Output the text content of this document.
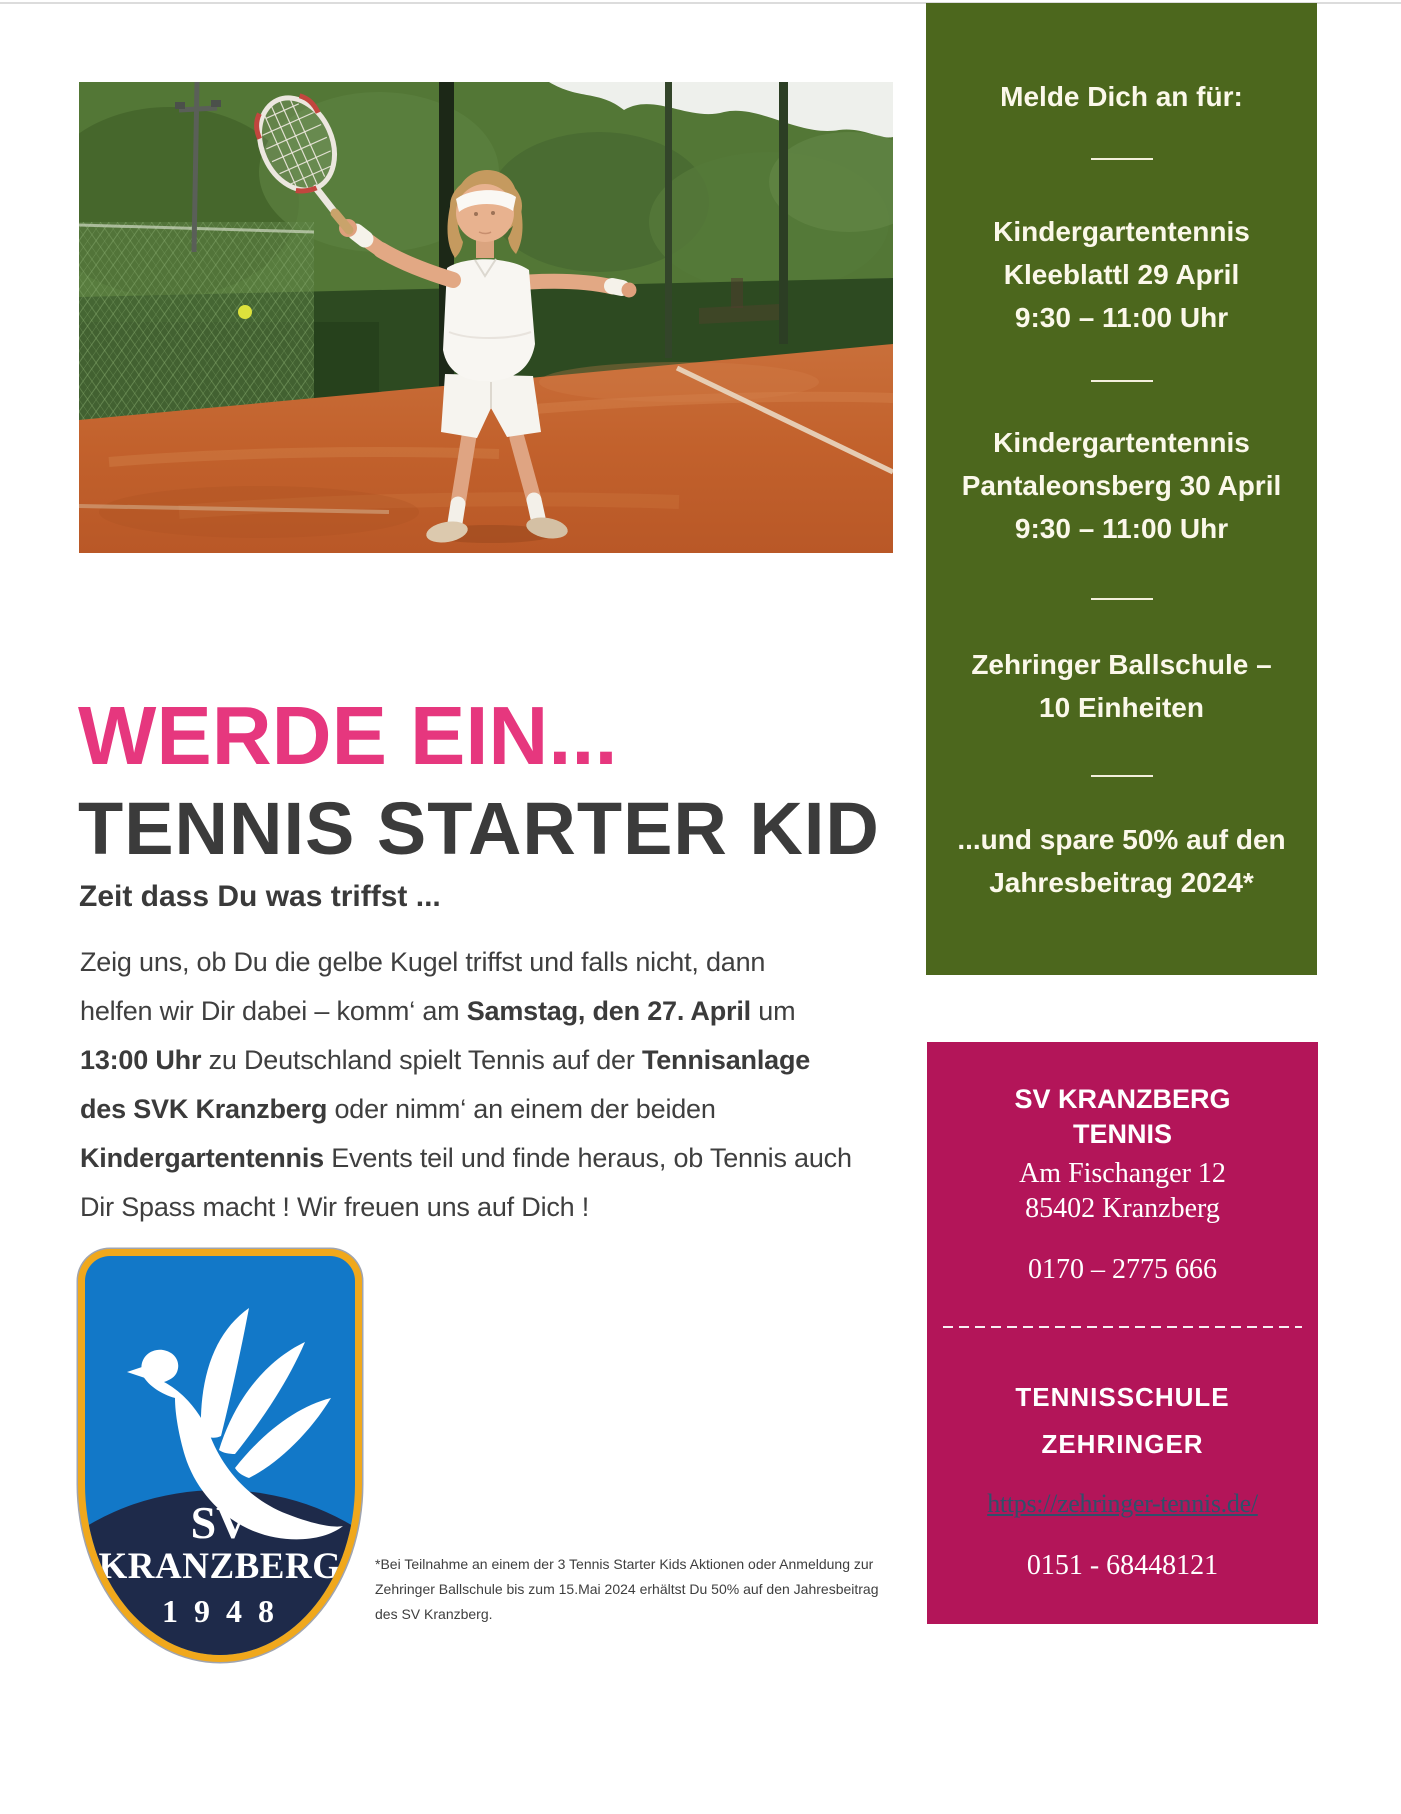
WERDE EIN...
TENNIS STARTER KID
Zeit dass Du was triffst ...
Zeig uns, ob Du die gelbe Kugel triffst und falls nicht, dann
helfen wir Dir dabei – komm‘ am Samstag, den 27. April um
13:00 Uhr zu Deutschland spielt Tennis auf der Tennisanlage
des SVK Kranzberg oder nimm‘ an einem der beiden
Kindergartentennis Events teil und finde heraus, ob Tennis auch
Dir Spass macht ! Wir freuen uns auf Dich !
Melde Dich an für:
Kindergartentennis
Kleeblattl 29 April
9:30 – 11:00 Uhr
Kindergartentennis
Pantaleonsberg 30 April
9:30 – 11:00 Uhr
Zehringer Ballschule –
10 Einheiten
...und spare 50% auf den
Jahresbeitrag 2024*
SV KRANZBERG
TENNIS
Am Fischanger 12
85402 Kranzberg
0170 – 2775 666
TENNISSCHULE
ZEHRINGER
https://zehringer-tennis.de/
0151 - 68448121
SV
KRANZBERG
1 9 4 8
*Bei Teilnahme an einem der 3 Tennis Starter Kids Aktionen oder Anmeldung zur
Zehringer Ballschule bis zum 15.Mai 2024 erhältst Du 50% auf den Jahresbeitrag
des SV Kranzberg.
